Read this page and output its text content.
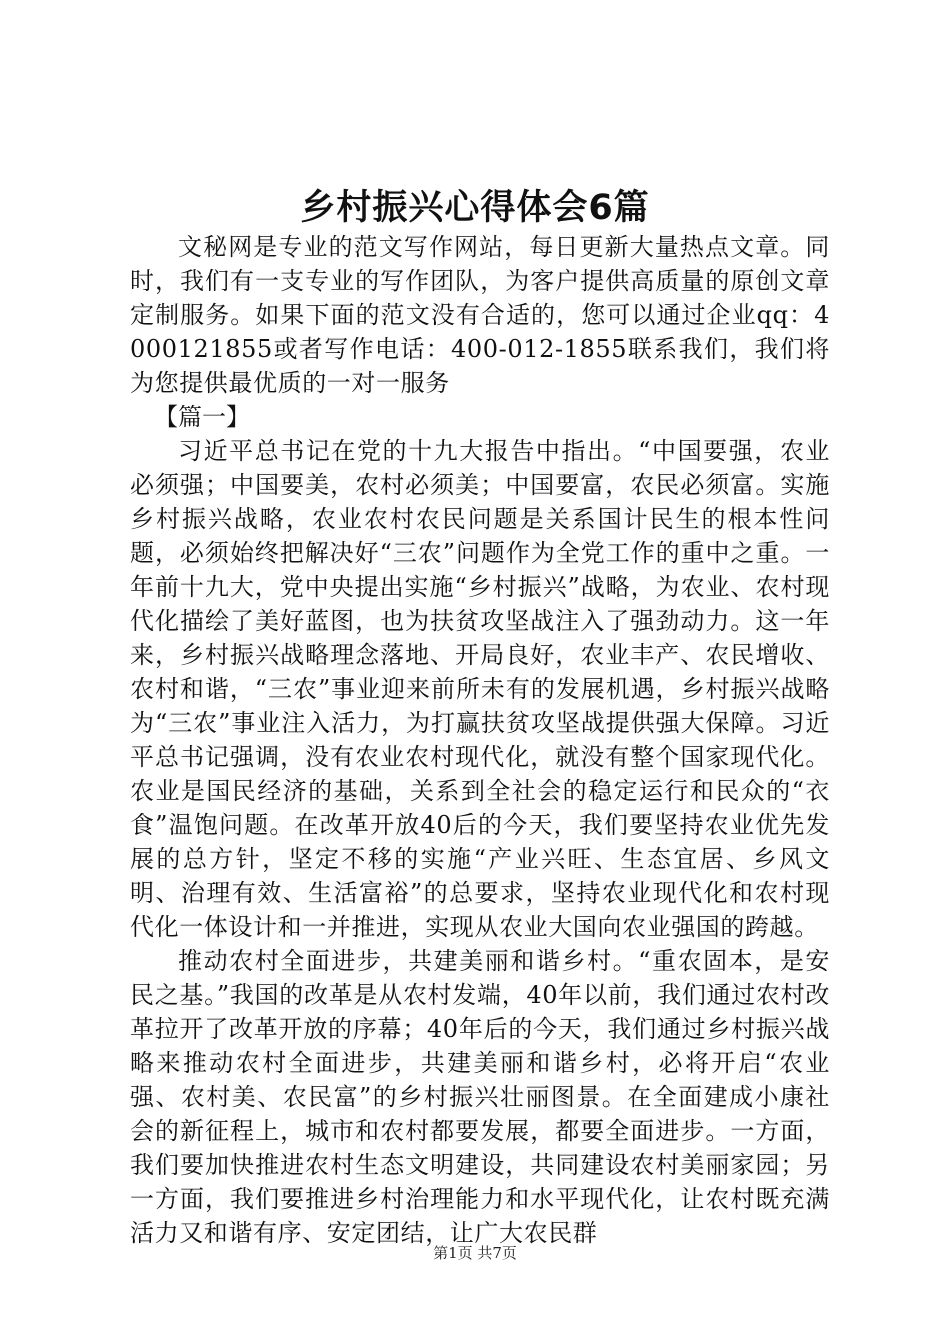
乡村振兴心得体会6篇

文秘网是专业的范文写作网站，每日更新大量热点文章。同时，我们有一支专业的写作团队，为客户提供高质量的原创文章定制服务。如果下面的范文没有合适的，您可以通过企业qq：4000121855或者写作电话：400-012-1855联系我们，我们将为您提供最优质的一对一服务

【篇一】

习近平总书记在党的十九大报告中指出。“中国要强，农业必须强；中国要美，农村必须美；中国要富，农民必须富。实施乡村振兴战略，农业农村农民问题是关系国计民生的根本性问题，必须始终把解决好“三农”问题作为全党工作的重中之重。一年前十九大，党中央提出实施“乡村振兴”战略，为农业、农村现代化描绘了美好蓝图，也为扶贫攻坚战注入了强劲动力。这一年来，乡村振兴战略理念落地、开局良好，农业丰产、农民增收、农村和谐，“三农”事业迎来前所未有的发展机遇，乡村振兴战略为“三农”事业注入活力，为打赢扶贫攻坚战提供强大保障。习近平总书记强调，没有农业农村现代化，就没有整个国家现代化。农业是国民经济的基础，关系到全社会的稳定运行和民众的“衣食”温饱问题。在改革开放40后的今天，我们要坚持农业优先发展的总方针，坚定不移的实施“产业兴旺、生态宜居、乡风文明、治理有效、生活富裕”的总要求，坚持农业现代化和农村现代化一体设计和一并推进，实现从农业大国向农业强国的跨越。

推动农村全面进步，共建美丽和谐乡村。“重农固本，是安民之基。”我国的改革是从农村发端，40年以前，我们通过农村改革拉开了改革开放的序幕；40年后的今天，我们通过乡村振兴战略来推动农村全面进步，共建美丽和谐乡村，必将开启“农业强、农村美、农民富”的乡村振兴壮丽图景。在全面建成小康社会的新征程上，城市和农村都要发展，都要全面进步。一方面，我们要加快推进农村生态文明建设，共同建设农村美丽家园；另一方面，我们要推进乡村治理能力和水平现代化，让农村既充满活力又和谐有序、安定团结，让广大农民群

第1页 共7页
